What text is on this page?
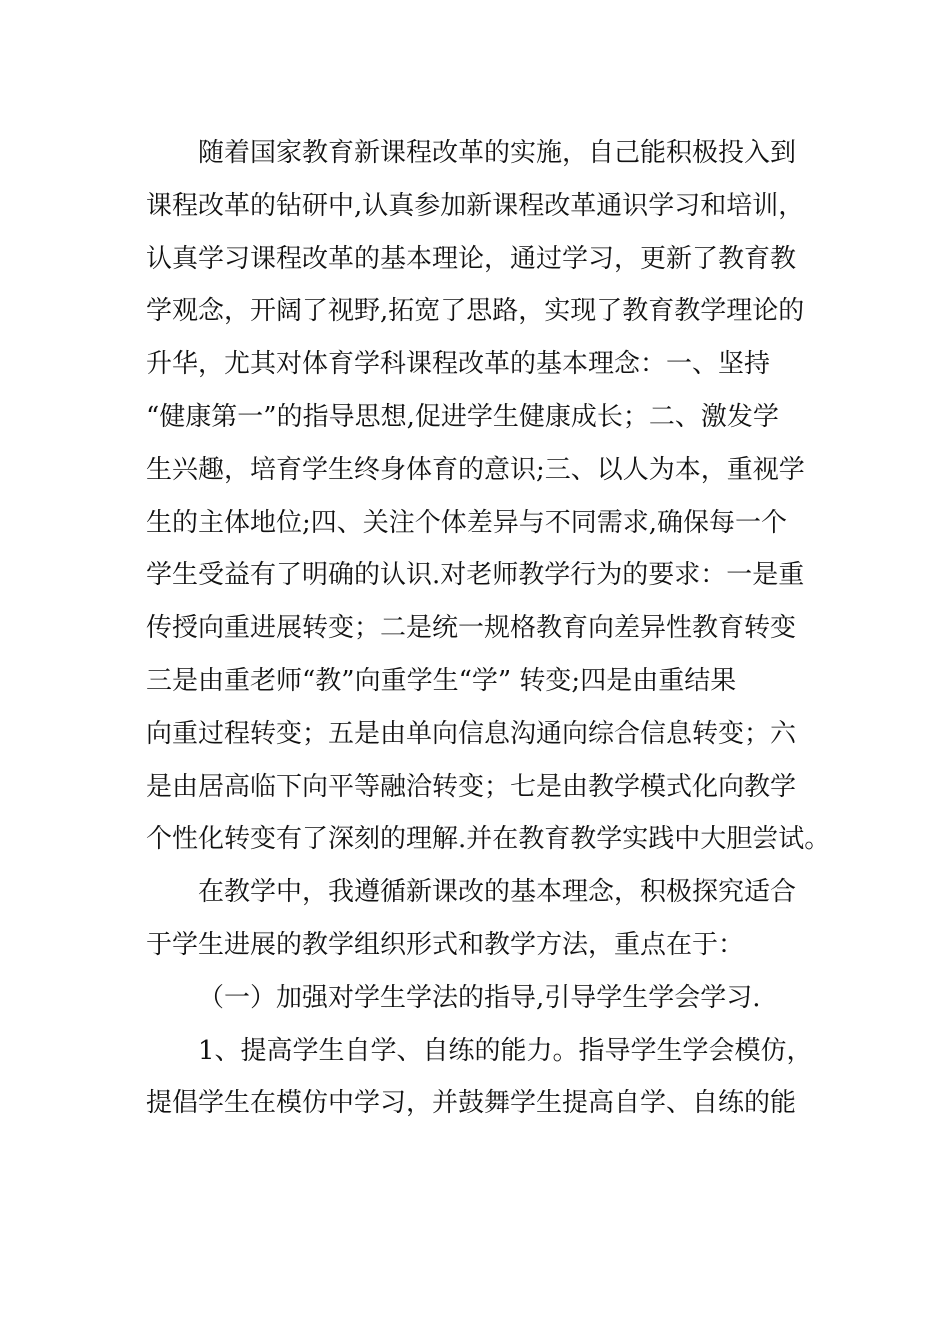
随着国家教育新课程改革的实施，自己能积极投入到
课程改革的钻研中,认真参加新课程改革通识学习和培训，
认真学习课程改革的基本理论，通过学习，更新了教育教
学观念，开阔了视野,拓宽了思路，实现了教育教学理论的
升华，尤其对体育学科课程改革的基本理念：一、坚持
“健康第一”的指导思想,促进学生健康成长；二、激发学
生兴趣，培育学生终身体育的意识;三、以人为本，重视学
生的主体地位;四、关注个体差异与不同需求,确保每一个
学生受益有了明确的认识.对老师教学行为的要求：一是重
传授向重进展转变；二是统一规格教育向差异性教育转变
三是由重老师“教”向重学生“学” 转变;四是由重结果
向重过程转变；五是由单向信息沟通向综合信息转变；六
是由居高临下向平等融洽转变；七是由教学模式化向教学
个性化转变有了深刻的理解.并在教育教学实践中大胆尝试。
在教学中，我遵循新课改的基本理念，积极探究适合
于学生进展的教学组织形式和教学方法，重点在于：
（一）加强对学生学法的指导,引导学生学会学习.
1、提高学生自学、自练的能力。指导学生学会模仿，
提倡学生在模仿中学习，并鼓舞学生提高自学、自练的能
